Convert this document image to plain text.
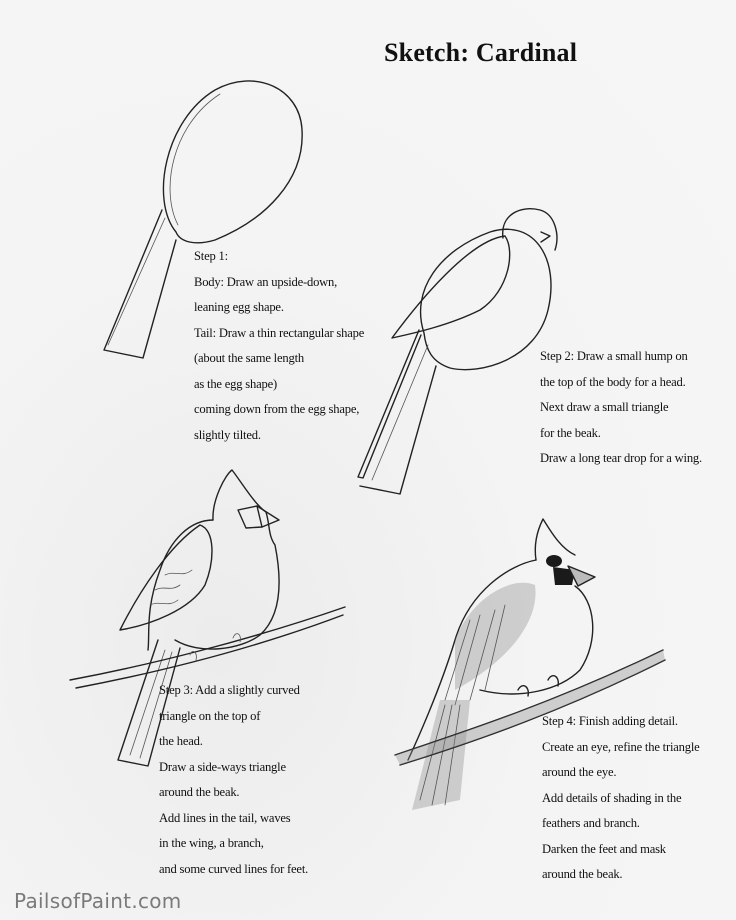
Sketch: Cardinal
Step 1:
Body: Draw an upside-down,
leaning egg shape.
Tail: Draw a thin rectangular shape
(about the same length
as the egg shape)
coming down from the egg shape,
slightly tilted.
Step 2: Draw a small hump on
the top of the body for a head.
Next draw a small triangle
for the beak.
Draw a long tear drop for a wing.
Step 3: Add a slightly curved
triangle on the top of
the head.
Draw a side-ways triangle
around the beak.
Add lines in the tail, waves
in the wing, a branch,
and some curved lines for feet.
Step 4: Finish adding detail.
Create an eye, refine the triangle
around the eye.
Add details of shading in the
feathers and branch.
Darken the feet and mask
around the beak.
PailsofPaint.com
